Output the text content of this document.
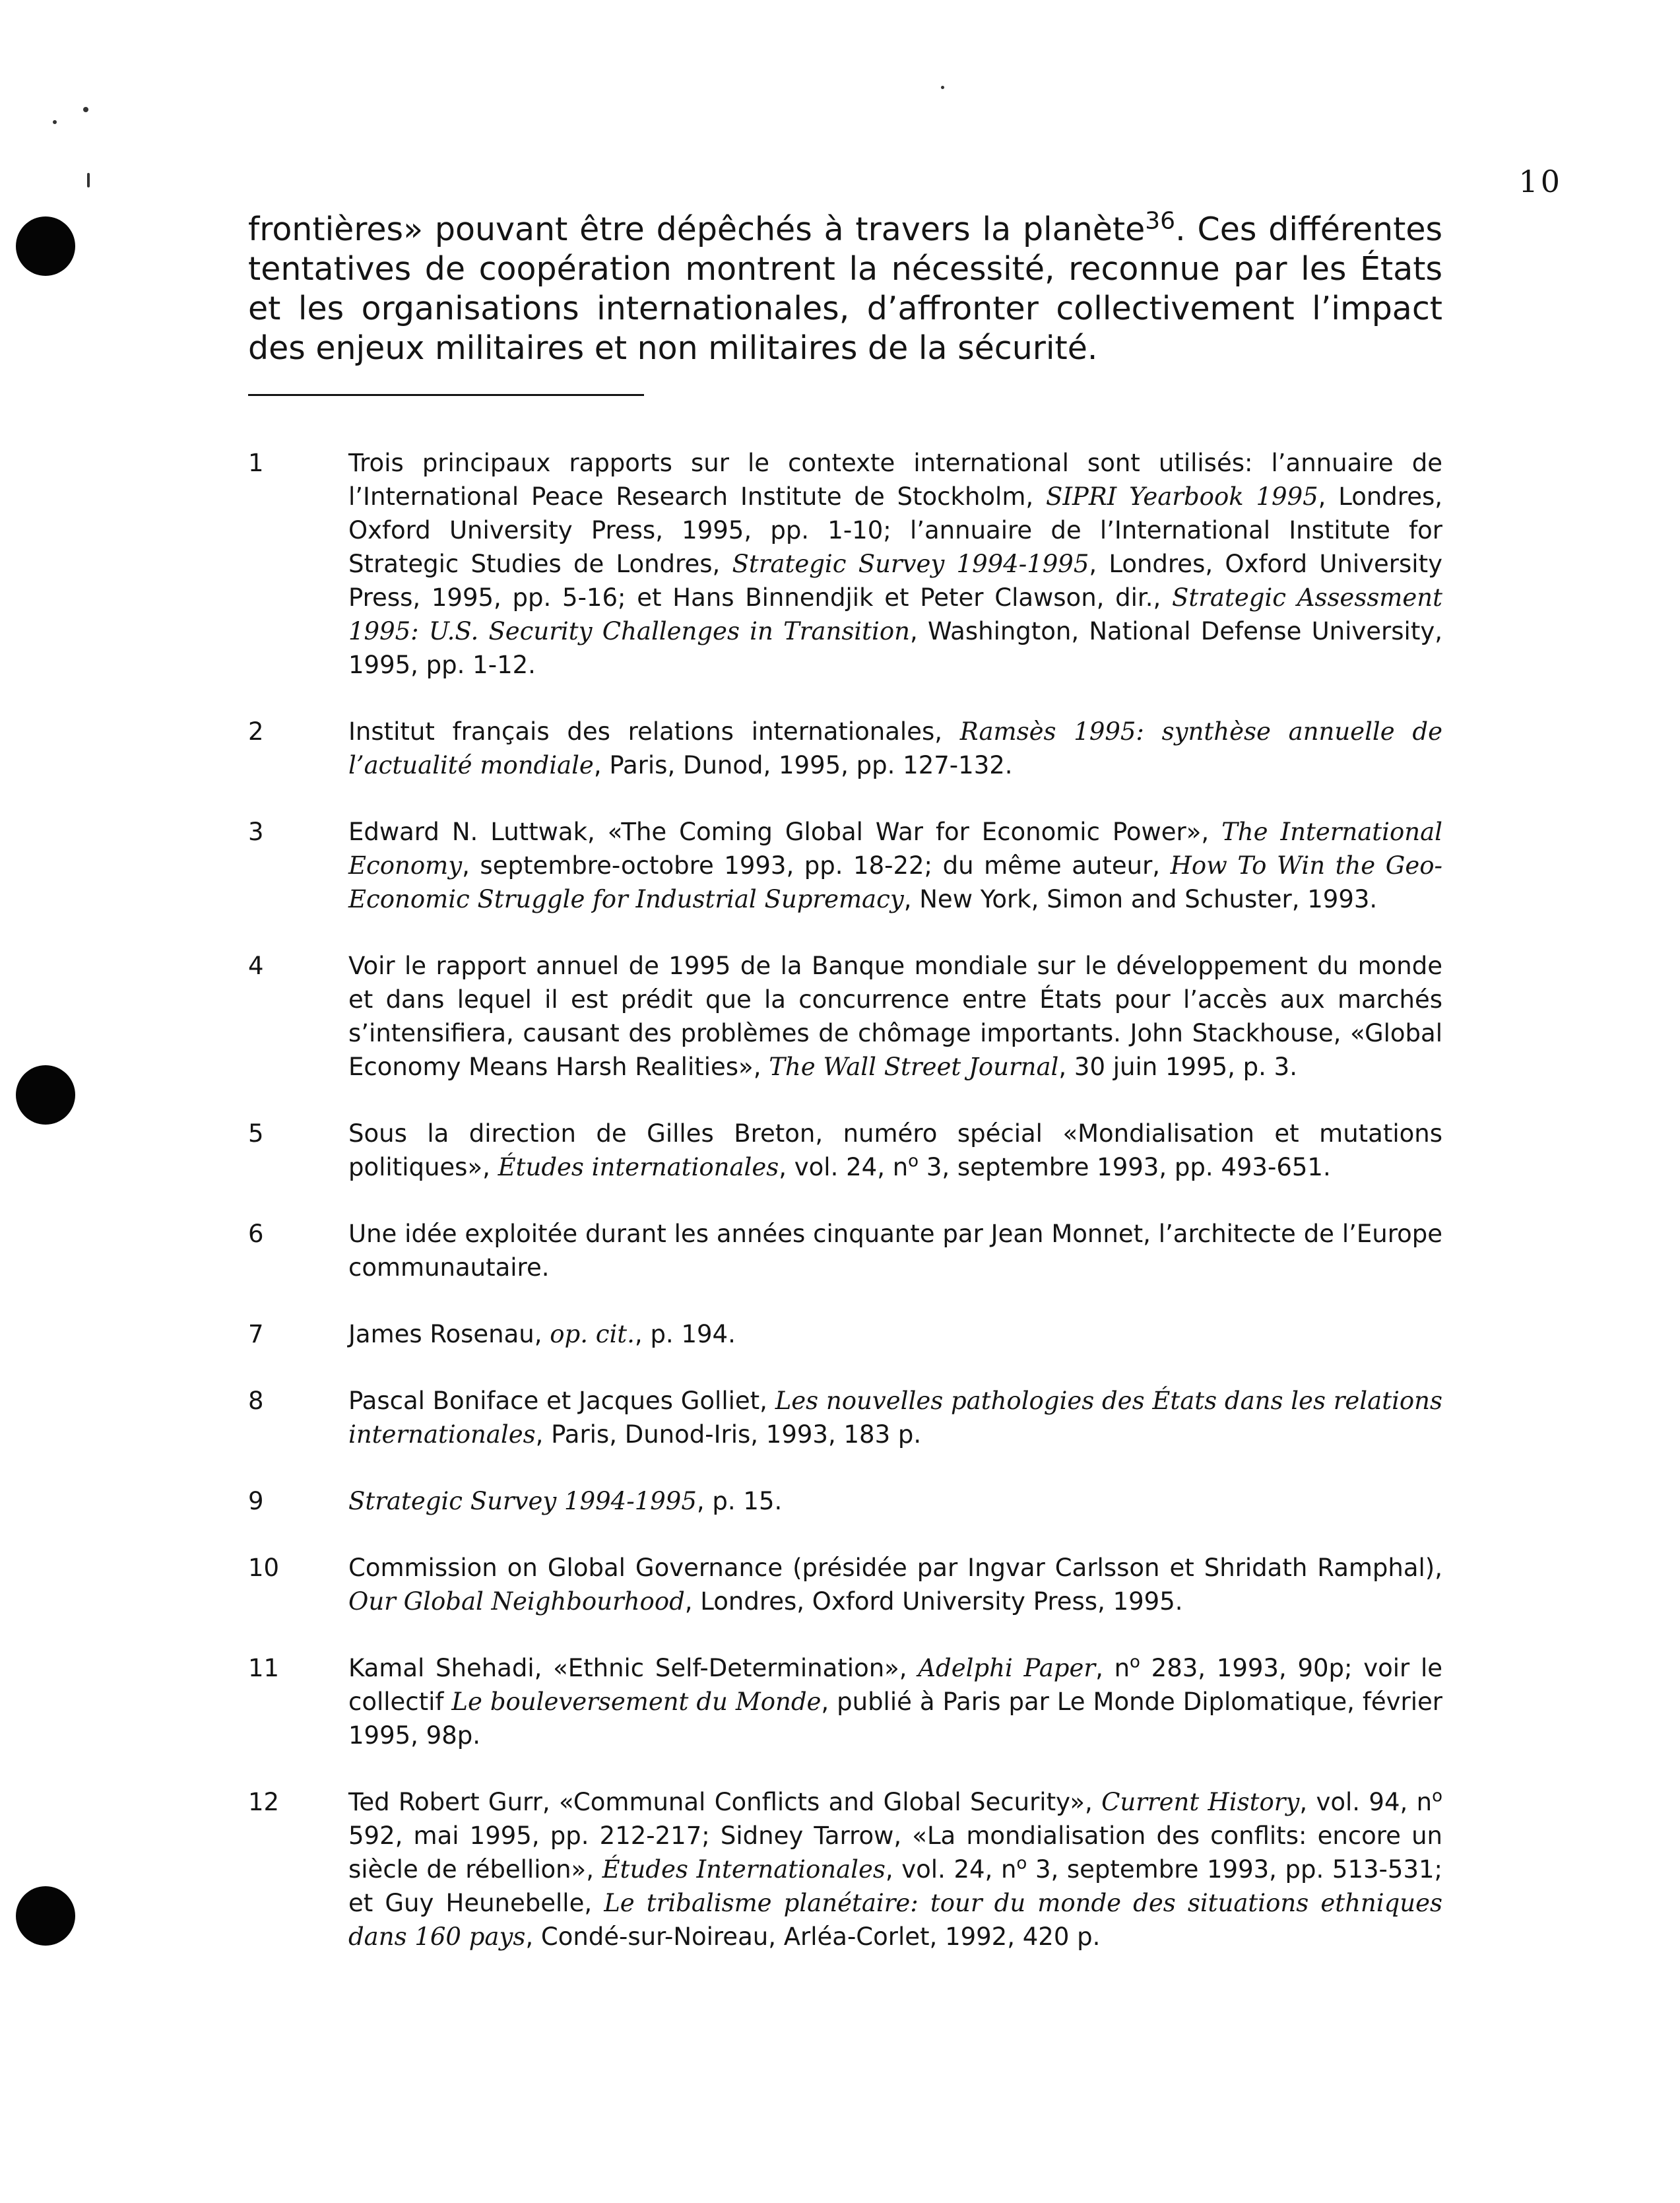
10

frontières» pouvant être dépêchés à travers la planète$^{36}$. Ces différentes tentatives de coopération montrent la nécessité, reconnue par les États et les organisations internationales, d’affronter collectivement l’impact des enjeux militaires et non militaires de la sécurité.

1	Trois principaux rapports sur le contexte international sont utilisés: l’annuaire de l’International Peace Research Institute de Stockholm, SIPRI Yearbook 1995, Londres, Oxford University Press, 1995, pp. 1-10; l’annuaire de l’International Institute for Strategic Studies de Londres, Strategic Survey 1994-1995, Londres, Oxford University Press, 1995, pp. 5-16; et Hans Binnendjik et Peter Clawson, dir., Strategic Assessment 1995: U.S. Security Challenges in Transition, Washington, National Defense University, 1995, pp. 1-12.
2	Institut français des relations internationales, Ramsès 1995: synthèse annuelle de l’actualité mondiale, Paris, Dunod, 1995, pp. 127-132.
3	Edward N. Luttwak, «The Coming Global War for Economic Power», The International Economy, septembre-octobre 1993, pp. 18-22; du même auteur, How To Win the Geo-Economic Struggle for Industrial Supremacy, New York, Simon and Schuster, 1993.
4	Voir le rapport annuel de 1995 de la Banque mondiale sur le développement du monde et dans lequel il est prédit que la concurrence entre États pour l’accès aux marchés s’intensifiera, causant des problèmes de chômage importants. John Stackhouse, «Global Economy Means Harsh Realities», The Wall Street Journal, 30 juin 1995, p. 3.
5	Sous la direction de Gilles Breton, numéro spécial «Mondialisation et mutations politiques», Études internationales, vol. 24, $n^o$ 3, septembre 1993, pp. 493-651.
6	Une idée exploitée durant les années cinquante par Jean Monnet, l’architecte de l’Europe communautaire.
7	James Rosenau, op. cit., p. 194.
8	Pascal Boniface et Jacques Golliet, Les nouvelles pathologies des États dans les relations internationales, Paris, Dunod-Iris, 1993, 183 p.
9	Strategic Survey 1994-1995, p. 15.
10	Commission on Global Governance (présidée par Ingvar Carlsson et Shridath Ramphal), Our Global Neighbourhood, Londres, Oxford University Press, 1995.
11	Kamal Shehadi, «Ethnic Self-Determination», Adelphi Paper, $n^o$ 283, 1993, 90p; voir le collectif Le bouleversement du Monde, publié à Paris par Le Monde Diplomatique, février 1995, 98p.
12	Ted Robert Gurr, «Communal Conflicts and Global Security», Current History, vol. 94, $n^o$ 592, mai 1995, pp. 212-217; Sidney Tarrow, «La mondialisation des conflits: encore un siècle de rébellion», Études Internationales, vol. 24, $n^o$ 3, septembre 1993, pp. 513-531; et Guy Heunebelle, Le tribalisme planétaire: tour du monde des situations ethniques dans 160 pays, Condé-sur-Noireau, Arléa-Corlet, 1992, 420 p.
